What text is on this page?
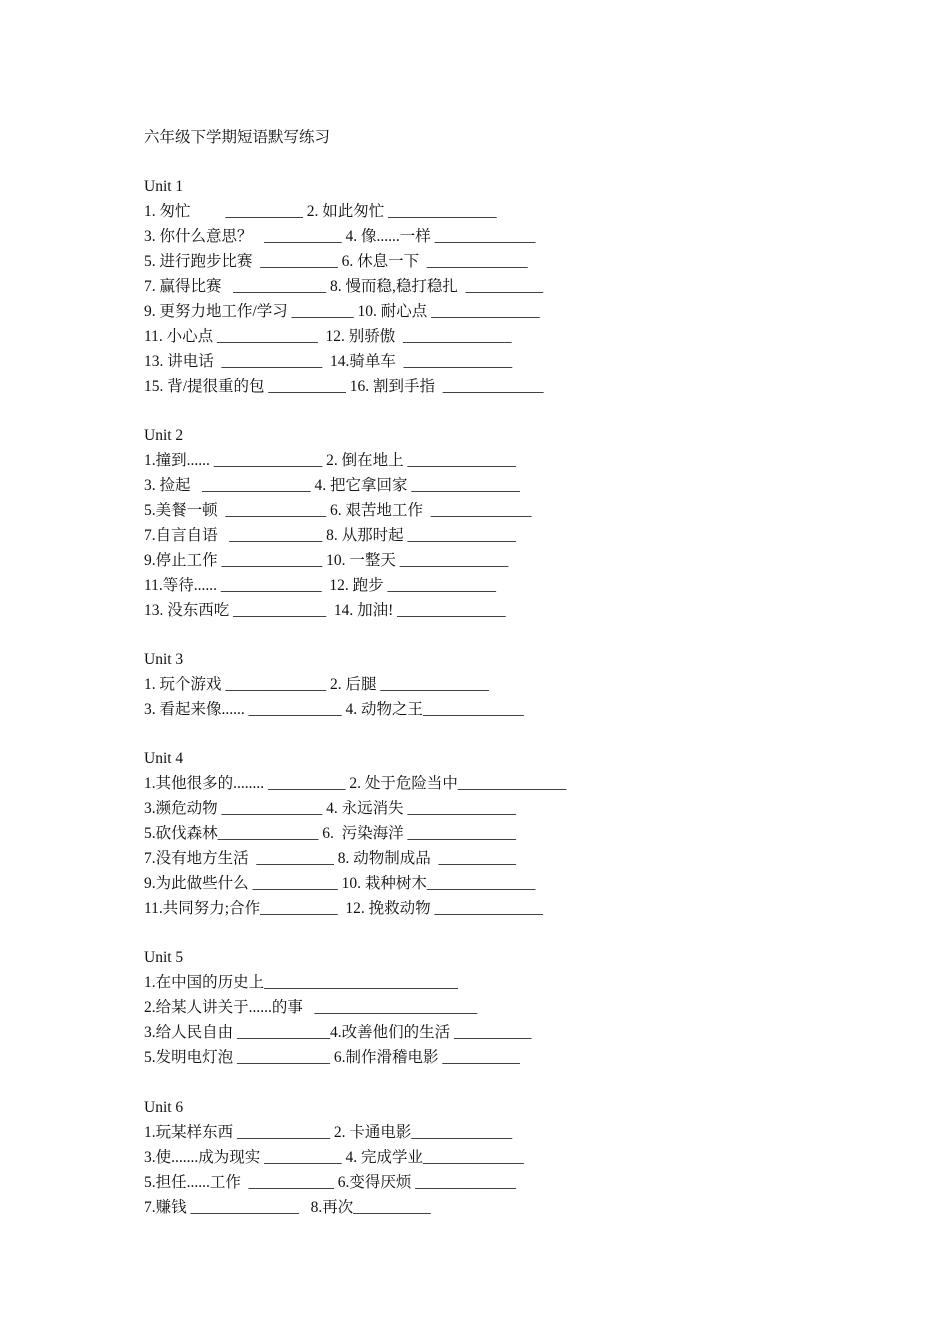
六年级下学期短语默写练习
Unit 1
1. 匆忙         __________ 2. 如此匆忙 ______________
3. 你什么意思？   __________ 4. 像......一样 _____________
5. 进行跑步比赛  __________ 6. 休息一下  _____________
7. 赢得比赛   ____________ 8. 慢而稳,稳打稳扎  __________
9. 更努力地工作/学习 ________ 10. 耐心点 ______________
11. 小心点 _____________  12. 别骄傲  ______________
13. 讲电话  _____________  14.骑单车  ______________
15. 背/提很重的包 __________ 16. 割到手指  _____________
Unit 2
1.撞到...... ______________ 2. 倒在地上 ______________
3. 捡起   ______________ 4. 把它拿回家 ______________
5.美餐一顿  _____________ 6. 艰苦地工作  _____________
7.自言自语   ____________ 8. 从那时起 ______________
9.停止工作 _____________ 10. 一整天 ______________
11.等待...... _____________  12. 跑步 ______________
13. 没东西吃 ____________  14. 加油! ______________
Unit 3
1. 玩个游戏 _____________ 2. 后腿 ______________
3. 看起来像...... ____________ 4. 动物之王_____________
Unit 4
1.其他很多的........ __________ 2. 处于危险当中______________
3.濒危动物 _____________ 4. 永远消失 ______________
5.砍伐森林_____________ 6.  污染海洋 ______________
7.没有地方生活  __________ 8. 动物制成品  __________
9.为此做些什么 ___________ 10. 栽种树木______________
11.共同努力;合作__________  12. 挽救动物 ______________
Unit 5
1.在中国的历史上_________________________
2.给某人讲关于......的事   _____________________
3.给人民自由 ____________4.改善他们的生活 __________
5.发明电灯泡 ____________ 6.制作滑稽电影 __________
Unit 6
1.玩某样东西 ____________ 2. 卡通电影_____________
3.使.......成为现实 __________ 4. 完成学业_____________
5.担任......工作  ___________ 6.变得厌烦 _____________
7.赚钱 ______________   8.再次__________
